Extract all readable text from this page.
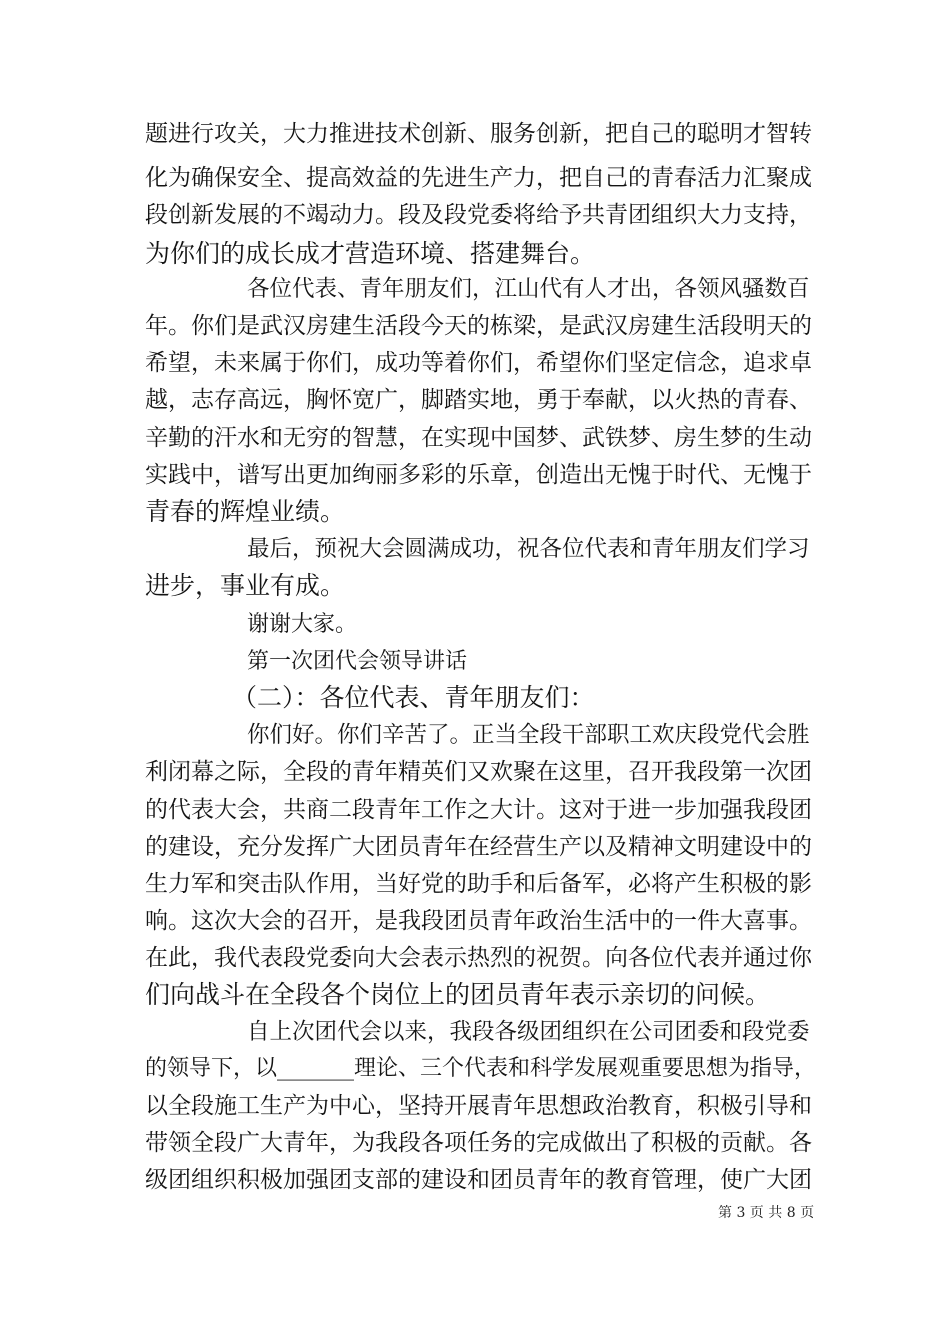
题进行攻关，大力推进技术创新、服务创新，把自己的聪明才智转
化为确保安全、提高效益的先进生产力，把自己的青春活力汇聚成
段创新发展的不竭动力。段及段党委将给予共青团组织大力支持，
为你们的成长成才营造环境、搭建舞台。
各位代表、青年朋友们，江山代有人才出，各领风骚数百
年。你们是武汉房建生活段今天的栋梁，是武汉房建生活段明天的
希望，未来属于你们，成功等着你们，希望你们坚定信念，追求卓
越，志存高远，胸怀宽广，脚踏实地，勇于奉献，以火热的青春、
辛勤的汗水和无穷的智慧，在实现中国梦、武铁梦、房生梦的生动
实践中，谱写出更加绚丽多彩的乐章，创造出无愧于时代、无愧于
青春的辉煌业绩。
最后，预祝大会圆满成功，祝各位代表和青年朋友们学习
进步，事业有成。
谢谢大家。
第一次团代会领导讲话
（二）：各位代表、青年朋友们：
你们好。你们辛苦了。正当全段干部职工欢庆段党代会胜
利闭幕之际，全段的青年精英们又欢聚在这里，召开我段第一次团
的代表大会，共商二段青年工作之大计。这对于进一步加强我段团
的建设，充分发挥广大团员青年在经营生产以及精神文明建设中的
生力军和突击队作用，当好党的助手和后备军，必将产生积极的影
响。这次大会的召开，是我段团员青年政治生活中的一件大喜事。
在此，我代表段党委向大会表示热烈的祝贺。向各位代表并通过你
们向战斗在全段各个岗位上的团员青年表示亲切的问候。
自上次团代会以来，我段各级团组织在公司团委和段党委
的领导下，以_______理论、三个代表和科学发展观重要思想为指导，
以全段施工生产为中心，坚持开展青年思想政治教育，积极引导和
带领全段广大青年，为我段各项任务的完成做出了积极的贡献。各
级团组织积极加强团支部的建设和团员青年的教育管理，使广大团
第 3 页 共 8 页
